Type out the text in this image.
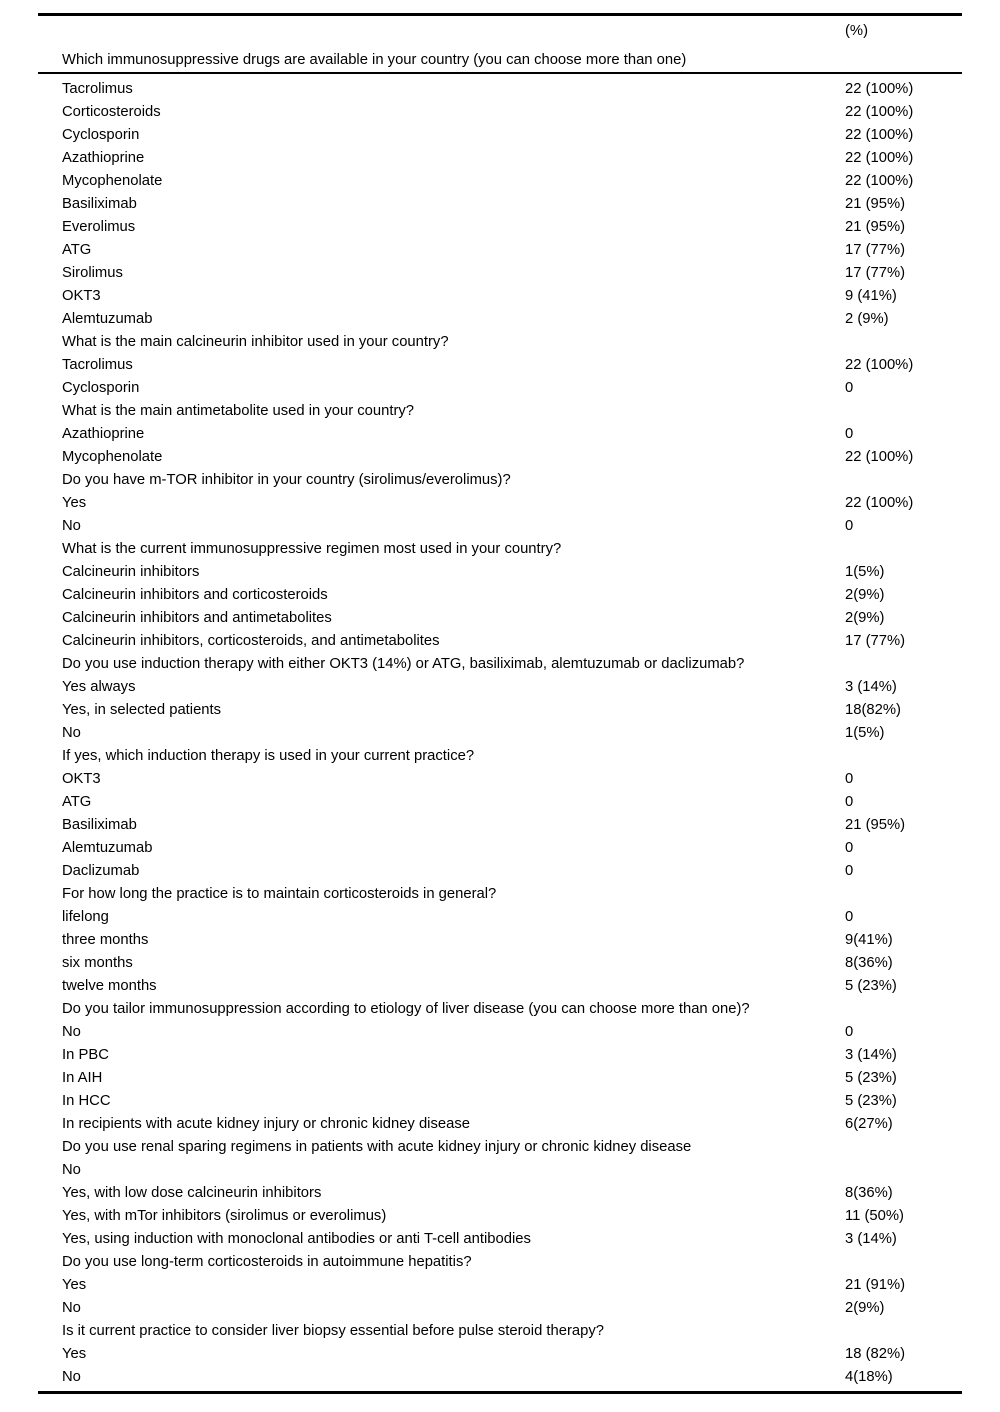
(%)
Which immunosuppressive drugs are available in your country (you can choose more than one)
Tacrolimus	22 (100%)
Corticosteroids	22 (100%)
Cyclosporin	22 (100%)
Azathioprine	22 (100%)
Mycophenolate	22 (100%)
Basiliximab	21 (95%)
Everolimus	21 (95%)
ATG	17 (77%)
Sirolimus	17 (77%)
OKT3	9 (41%)
Alemtuzumab	2 (9%)
What is the main calcineurin inhibitor used in your country?
Tacrolimus	22 (100%)
Cyclosporin	0
What is the main antimetabolite used in your country?
Azathioprine	0
Mycophenolate	22 (100%)
Do you have m-TOR inhibitor in your country (sirolimus/everolimus)?
Yes	22 (100%)
No	0
What is the current immunosuppressive regimen most used in your country?
Calcineurin inhibitors	1(5%)
Calcineurin inhibitors and corticosteroids	2(9%)
Calcineurin inhibitors and antimetabolites	2(9%)
Calcineurin inhibitors, corticosteroids, and antimetabolites	17 (77%)
Do you use induction therapy with either OKT3 (14%) or ATG, basiliximab, alemtuzumab or daclizumab?
Yes always	3 (14%)
Yes, in selected patients	18(82%)
No	1(5%)
If yes, which induction therapy is used in your current practice?
OKT3	0
ATG	0
Basiliximab	21 (95%)
Alemtuzumab	0
Daclizumab	0
For how long the practice is to maintain corticosteroids in general?
lifelong	0
three months	9(41%)
six months	8(36%)
twelve months	5 (23%)
Do you tailor immunosuppression according to etiology of liver disease (you can choose more than one)?
No	0
In PBC	3 (14%)
In AIH	5 (23%)
In HCC	5 (23%)
In recipients with acute kidney injury or chronic kidney disease	6(27%)
Do you use renal sparing regimens in patients with acute kidney injury or chronic kidney disease
No
Yes, with low dose calcineurin inhibitors	8(36%)
Yes, with mTor inhibitors (sirolimus or everolimus)	11 (50%)
Yes, using induction with monoclonal antibodies or anti T-cell antibodies	3 (14%)
Do you use long-term corticosteroids in autoimmune hepatitis?
Yes	21 (91%)
No	2(9%)
Is it current practice to consider liver biopsy essential before pulse steroid therapy?
Yes	18 (82%)
No	4(18%)
